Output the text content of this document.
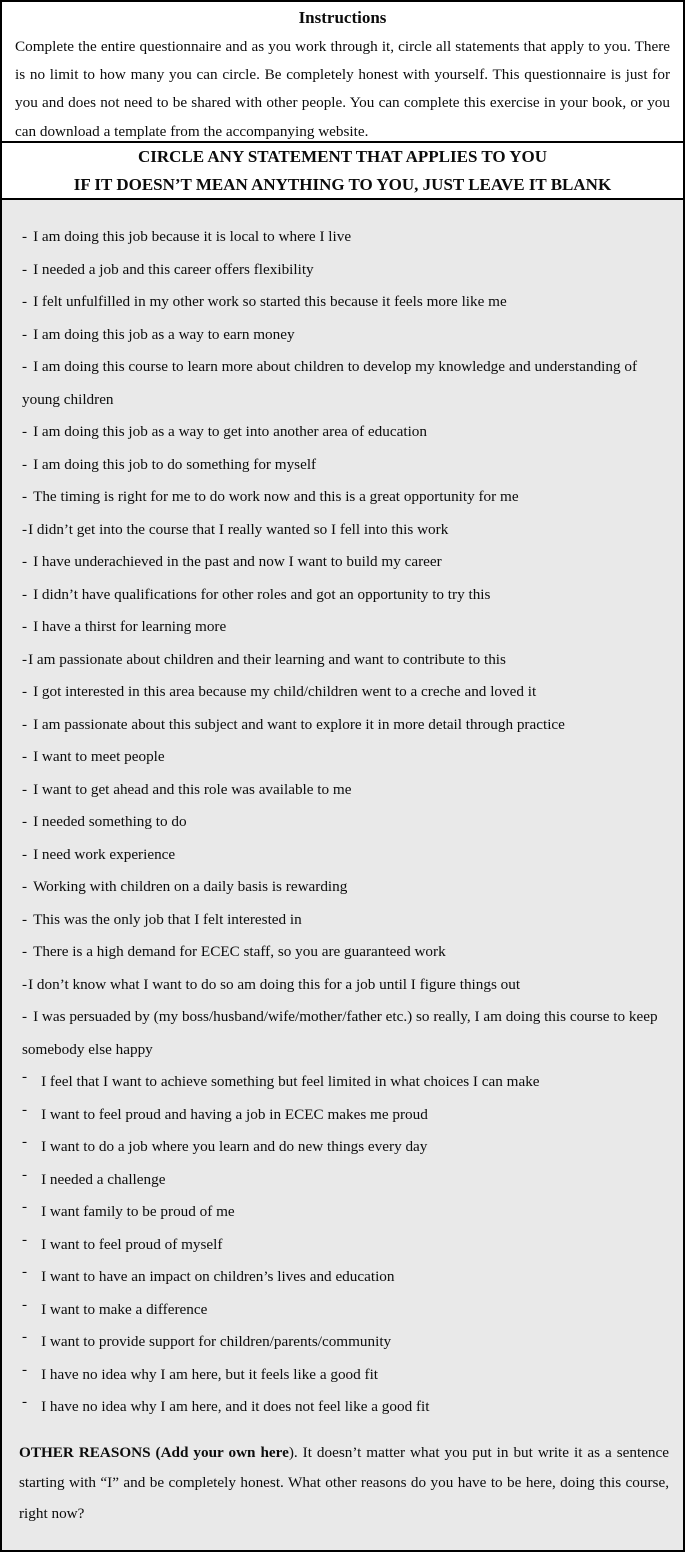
Instructions

Complete the entire questionnaire and as you work through it, circle all statements that apply to you. There is no limit to how many you can circle. Be completely honest with yourself. This questionnaire is just for you and does not need to be shared with other people. You can complete this exercise in your book, or you can download a template from the accompanying website.

CIRCLE ANY STATEMENT THAT APPLIES TO YOU
IF IT DOESN’T MEAN ANYTHING TO YOU, JUST LEAVE IT BLANK
- I am doing this job because it is local to where I live
- I needed a job and this career offers flexibility
- I felt unfulfilled in my other work so started this because it feels more like me
- I am doing this job as a way to earn money
- I am doing this course to learn more about children to develop my knowledge and understanding of young children
- I am doing this job as a way to get into another area of education
- I am doing this job to do something for myself
- The timing is right for me to do work now and this is a great opportunity for me
-I didn’t get into the course that I really wanted so I fell into this work
- I have underachieved in the past and now I want to build my career
- I didn’t have qualifications for other roles and got an opportunity to try this
- I have a thirst for learning more
-I am passionate about children and their learning and want to contribute to this
- I got interested in this area because my child/children went to a creche and loved it
- I am passionate about this subject and want to explore it in more detail through practice
- I want to meet people
- I want to get ahead and this role was available to me
- I needed something to do
- I need work experience
- Working with children on a daily basis is rewarding
- This was the only job that I felt interested in
- There is a high demand for ECEC staff, so you are guaranteed work
-I don’t know what I want to do so am doing this for a job until I figure things out
- I was persuaded by (my boss/husband/wife/mother/father etc.) so really, I am doing this course to keep somebody else happy
- I feel that I want to achieve something but feel limited in what choices I can make
- I want to feel proud and having a job in ECEC makes me proud
- I want to do a job where you learn and do new things every day
- I needed a challenge
- I want family to be proud of me
- I want to feel proud of myself
- I want to have an impact on children’s lives and education
- I want to make a difference
- I want to provide support for children/parents/community
- I have no idea why I am here, but it feels like a good fit
- I have no idea why I am here, and it does not feel like a good fit

OTHER REASONS (Add your own here). It doesn’t matter what you put in but write it as a sentence starting with “I” and be completely honest. What other reasons do you have to be here, doing this course, right now?
